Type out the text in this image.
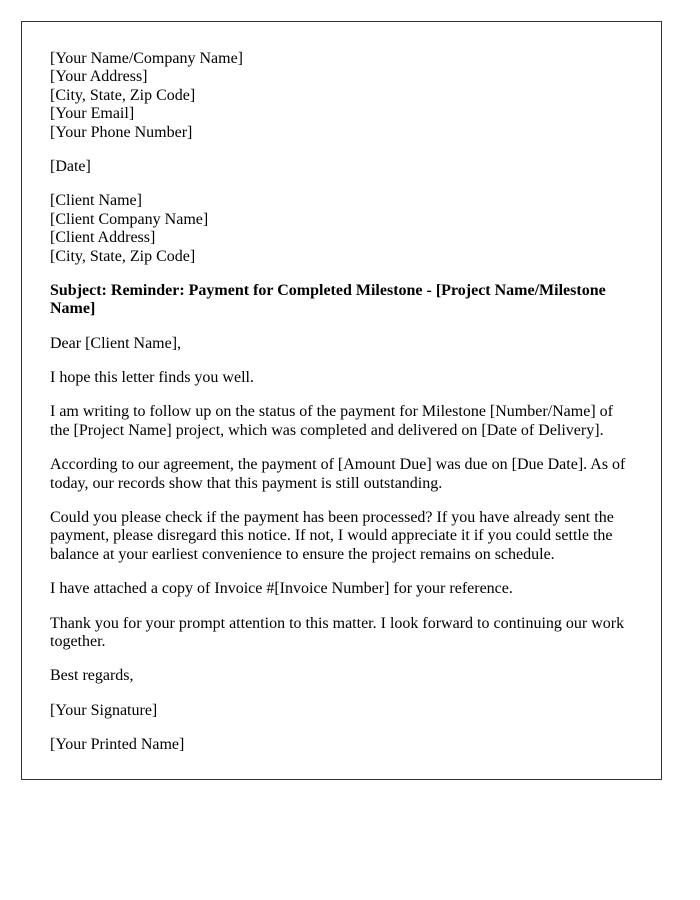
[Your Name/Company Name]
[Your Address]
[City, State, Zip Code]
[Your Email]
[Your Phone Number]

[Date]

[Client Name]
[Client Company Name]
[Client Address]
[City, State, Zip Code]

Subject: Reminder: Payment for Completed Milestone - [Project Name/Milestone Name]

Dear [Client Name],

I hope this letter finds you well.

I am writing to follow up on the status of the payment for Milestone [Number/Name] of the [Project Name] project, which was completed and delivered on [Date of Delivery].

According to our agreement, the payment of [Amount Due] was due on [Due Date]. As of today, our records show that this payment is still outstanding.

Could you please check if the payment has been processed? If you have already sent the payment, please disregard this notice. If not, I would appreciate it if you could settle the balance at your earliest convenience to ensure the project remains on schedule.

I have attached a copy of Invoice #[Invoice Number] for your reference.

Thank you for your prompt attention to this matter. I look forward to continuing our work together.

Best regards,

[Your Signature]

[Your Printed Name]
